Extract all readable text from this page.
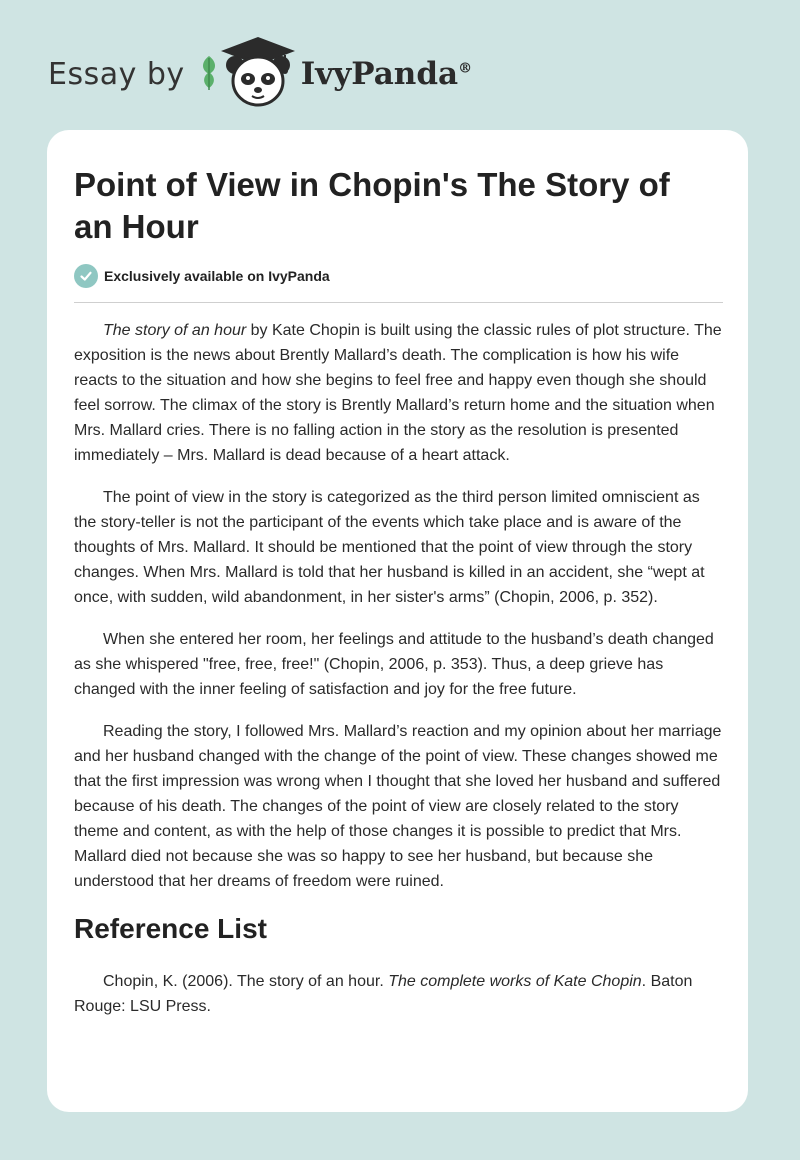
Essay by	IvyPanda®
Point of View in Chopin's The Story of an Hour
Exclusively available on IvyPanda

The story of an hour by Kate Chopin is built using the classic rules of plot structure. The exposition is the news about Brently Mallard’s death. The complication is how his wife reacts to the situation and how she begins to feel free and happy even though she should feel sorrow. The climax of the story is Brently Mallard’s return home and the situation when Mrs. Mallard cries. There is no falling action in the story as the resolution is presented immediately – Mrs. Mallard is dead because of a heart attack.

The point of view in the story is categorized as the third person limited omniscient as the story-teller is not the participant of the events which take place and is aware of the thoughts of Mrs. Mallard. It should be mentioned that the point of view through the story changes. When Mrs. Mallard is told that her husband is killed in an accident, she “wept at once, with sudden, wild abandonment, in her sister's arms” (Chopin, 2006, p. 352).

When she entered her room, her feelings and attitude to the husband’s death changed as she whispered "free, free, free!" (Chopin, 2006, p. 353). Thus, a deep grieve has changed with the inner feeling of satisfaction and joy for the free future.

Reading the story, I followed Mrs. Mallard’s reaction and my opinion about her marriage and her husband changed with the change of the point of view. These changes showed me that the first impression was wrong when I thought that she loved her husband and suffered because of his death. The changes of the point of view are closely related to the story theme and content, as with the help of those changes it is possible to predict that Mrs. Mallard died not because she was so happy to see her husband, but because she understood that her dreams of freedom were ruined.

Reference List

Chopin, K. (2006). The story of an hour. The complete works of Kate Chopin. Baton Rouge: LSU Press.
